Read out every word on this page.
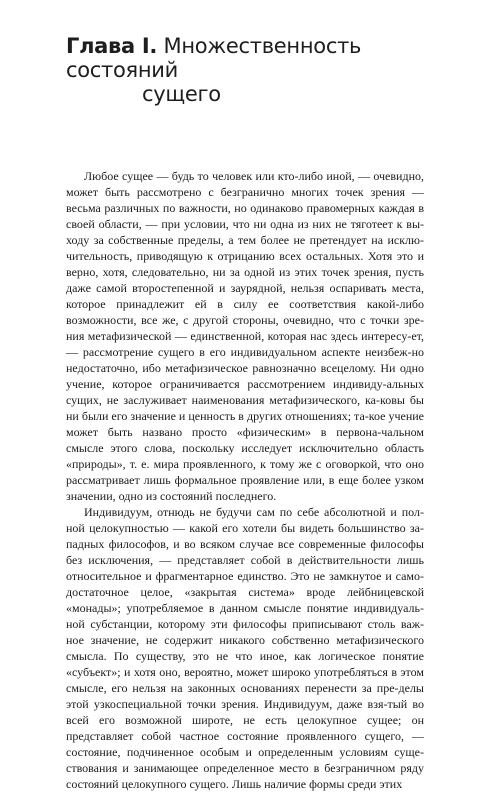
Глава I. Множественность состояний
сущего

Любое сущее — будь то человек или кто-либо иной, — очевидно, может быть рассмотрено с безгранично многих точек зрения — весьма различных по важности, но одинаково правомерных каждая в своей области, — при условии, что ни одна из них не тяготеет к вы-ходу за собственные пределы, а тем более не претендует на исклю-чительность, приводящую к отрицанию всех остальных. Хотя это и верно, хотя, следовательно, ни за одной из этих точек зрения, пусть даже самой второстепенной и заурядной, нельзя оспаривать места, которое принадлежит ей в силу ее соответствия какой-либо возможности, все же, с другой стороны, очевидно, что с точки зре-ния метафизической — единственной, которая нас здесь интересу-ет, — рассмотрение сущего в его индивидуальном аспекте неизбеж-но недостаточно, ибо метафизическое равнозначно всецелому. Ни одно учение, которое ограничивается рассмотрением индивиду-альных сущих, не заслуживает наименования метафизического, ка-ковы бы ни были его значение и ценность в других отношениях; та-кое учение может быть названо просто «физическим» в первона-чальном смысле этого слова, поскольку исследует исключительно область «природы», т. е. мира проявленного, к тому же с оговоркой, что оно рассматривает лишь формальное проявление или, в еще более узком значении, одно из состояний последнего.

Индивидуум, отнюдь не будучи сам по себе абсолютной и пол-ной целокупностью — какой его хотели бы видеть большинство за-падных философов, и во всяком случае все современные философы без исключения, — представляет собой в действительности лишь относительное и фрагментарное единство. Это не замкнутое и само-достаточное целое, «закрытая система» вроде лейбницевской «монады»; употребляемое в данном смысле понятие индивидуаль-ной субстанции, которому эти философы приписывают столь важ-ное значение, не содержит никакого собственно метафизического смысла. По существу, это не что иное, как логическое понятие «субъект»; и хотя оно, вероятно, может широко употребляться в этом смысле, его нельзя на законных основаниях перенести за пре-делы этой узкоспециальной точки зрения. Индивидуум, даже взя-тый во всей его возможной широте, не есть целокупное сущее; он представляет собой частное состояние проявленного сущего, — состояние, подчиненное особым и определенным условиям суще-ствования и занимающее определенное место в безграничном ряду состояний целокупного сущего. Лишь наличие формы среди этих
